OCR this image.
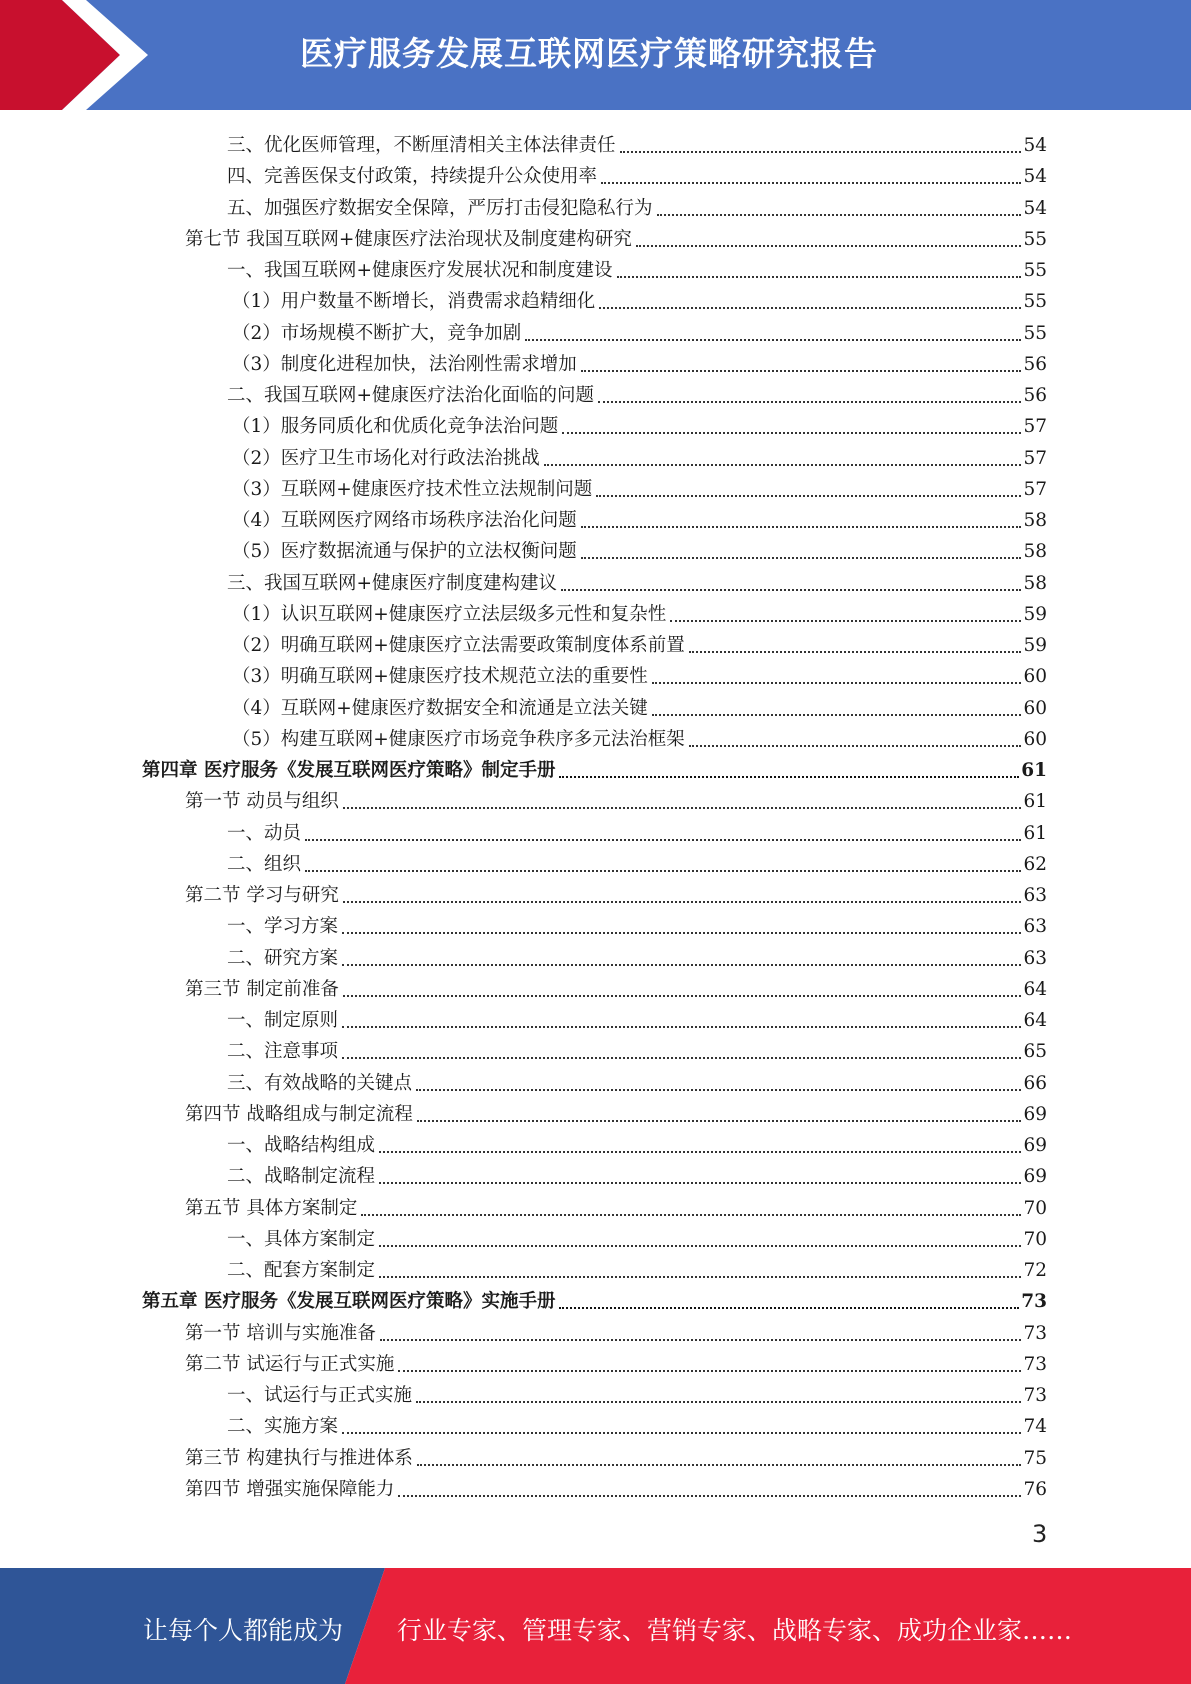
医疗服务发展互联网医疗策略研究报告
三、优化医师管理，不断厘清相关主体法律责任	54
四、完善医保支付政策，持续提升公众使用率	54
五、加强医疗数据安全保障，严厉打击侵犯隐私行为	54
第七节 我国互联网+健康医疗法治现状及制度建构研究	55
一、我国互联网+健康医疗发展状况和制度建设	55
（1）用户数量不断增长，消费需求趋精细化	55
（2）市场规模不断扩大，竞争加剧	55
（3）制度化进程加快，法治刚性需求增加	56
二、我国互联网+健康医疗法治化面临的问题	56
（1）服务同质化和优质化竞争法治问题	57
（2）医疗卫生市场化对行政法治挑战	57
（3）互联网+健康医疗技术性立法规制问题	57
（4）互联网医疗网络市场秩序法治化问题	58
（5）医疗数据流通与保护的立法权衡问题	58
三、我国互联网+健康医疗制度建构建议	58
（1）认识互联网+健康医疗立法层级多元性和复杂性	59
（2）明确互联网+健康医疗立法需要政策制度体系前置	59
（3）明确互联网+健康医疗技术规范立法的重要性	60
（4）互联网+健康医疗数据安全和流通是立法关键	60
（5）构建互联网+健康医疗市场竞争秩序多元法治框架	60
第四章 医疗服务《发展互联网医疗策略》制定手册	61
第一节 动员与组织	61
一、动员	61
二、组织	62
第二节 学习与研究	63
一、学习方案	63
二、研究方案	63
第三节 制定前准备	64
一、制定原则	64
二、注意事项	65
三、有效战略的关键点	66
第四节 战略组成与制定流程	69
一、战略结构组成	69
二、战略制定流程	69
第五节 具体方案制定	70
一、具体方案制定	70
二、配套方案制定	72
第五章 医疗服务《发展互联网医疗策略》实施手册	73
第一节 培训与实施准备	73
第二节 试运行与正式实施	73
一、试运行与正式实施	73
二、实施方案	74
第三节 构建执行与推进体系	75
第四节 增强实施保障能力	76
3
让每个人都能成为 行业专家、管理专家、营销专家、战略专家、成功企业家……
